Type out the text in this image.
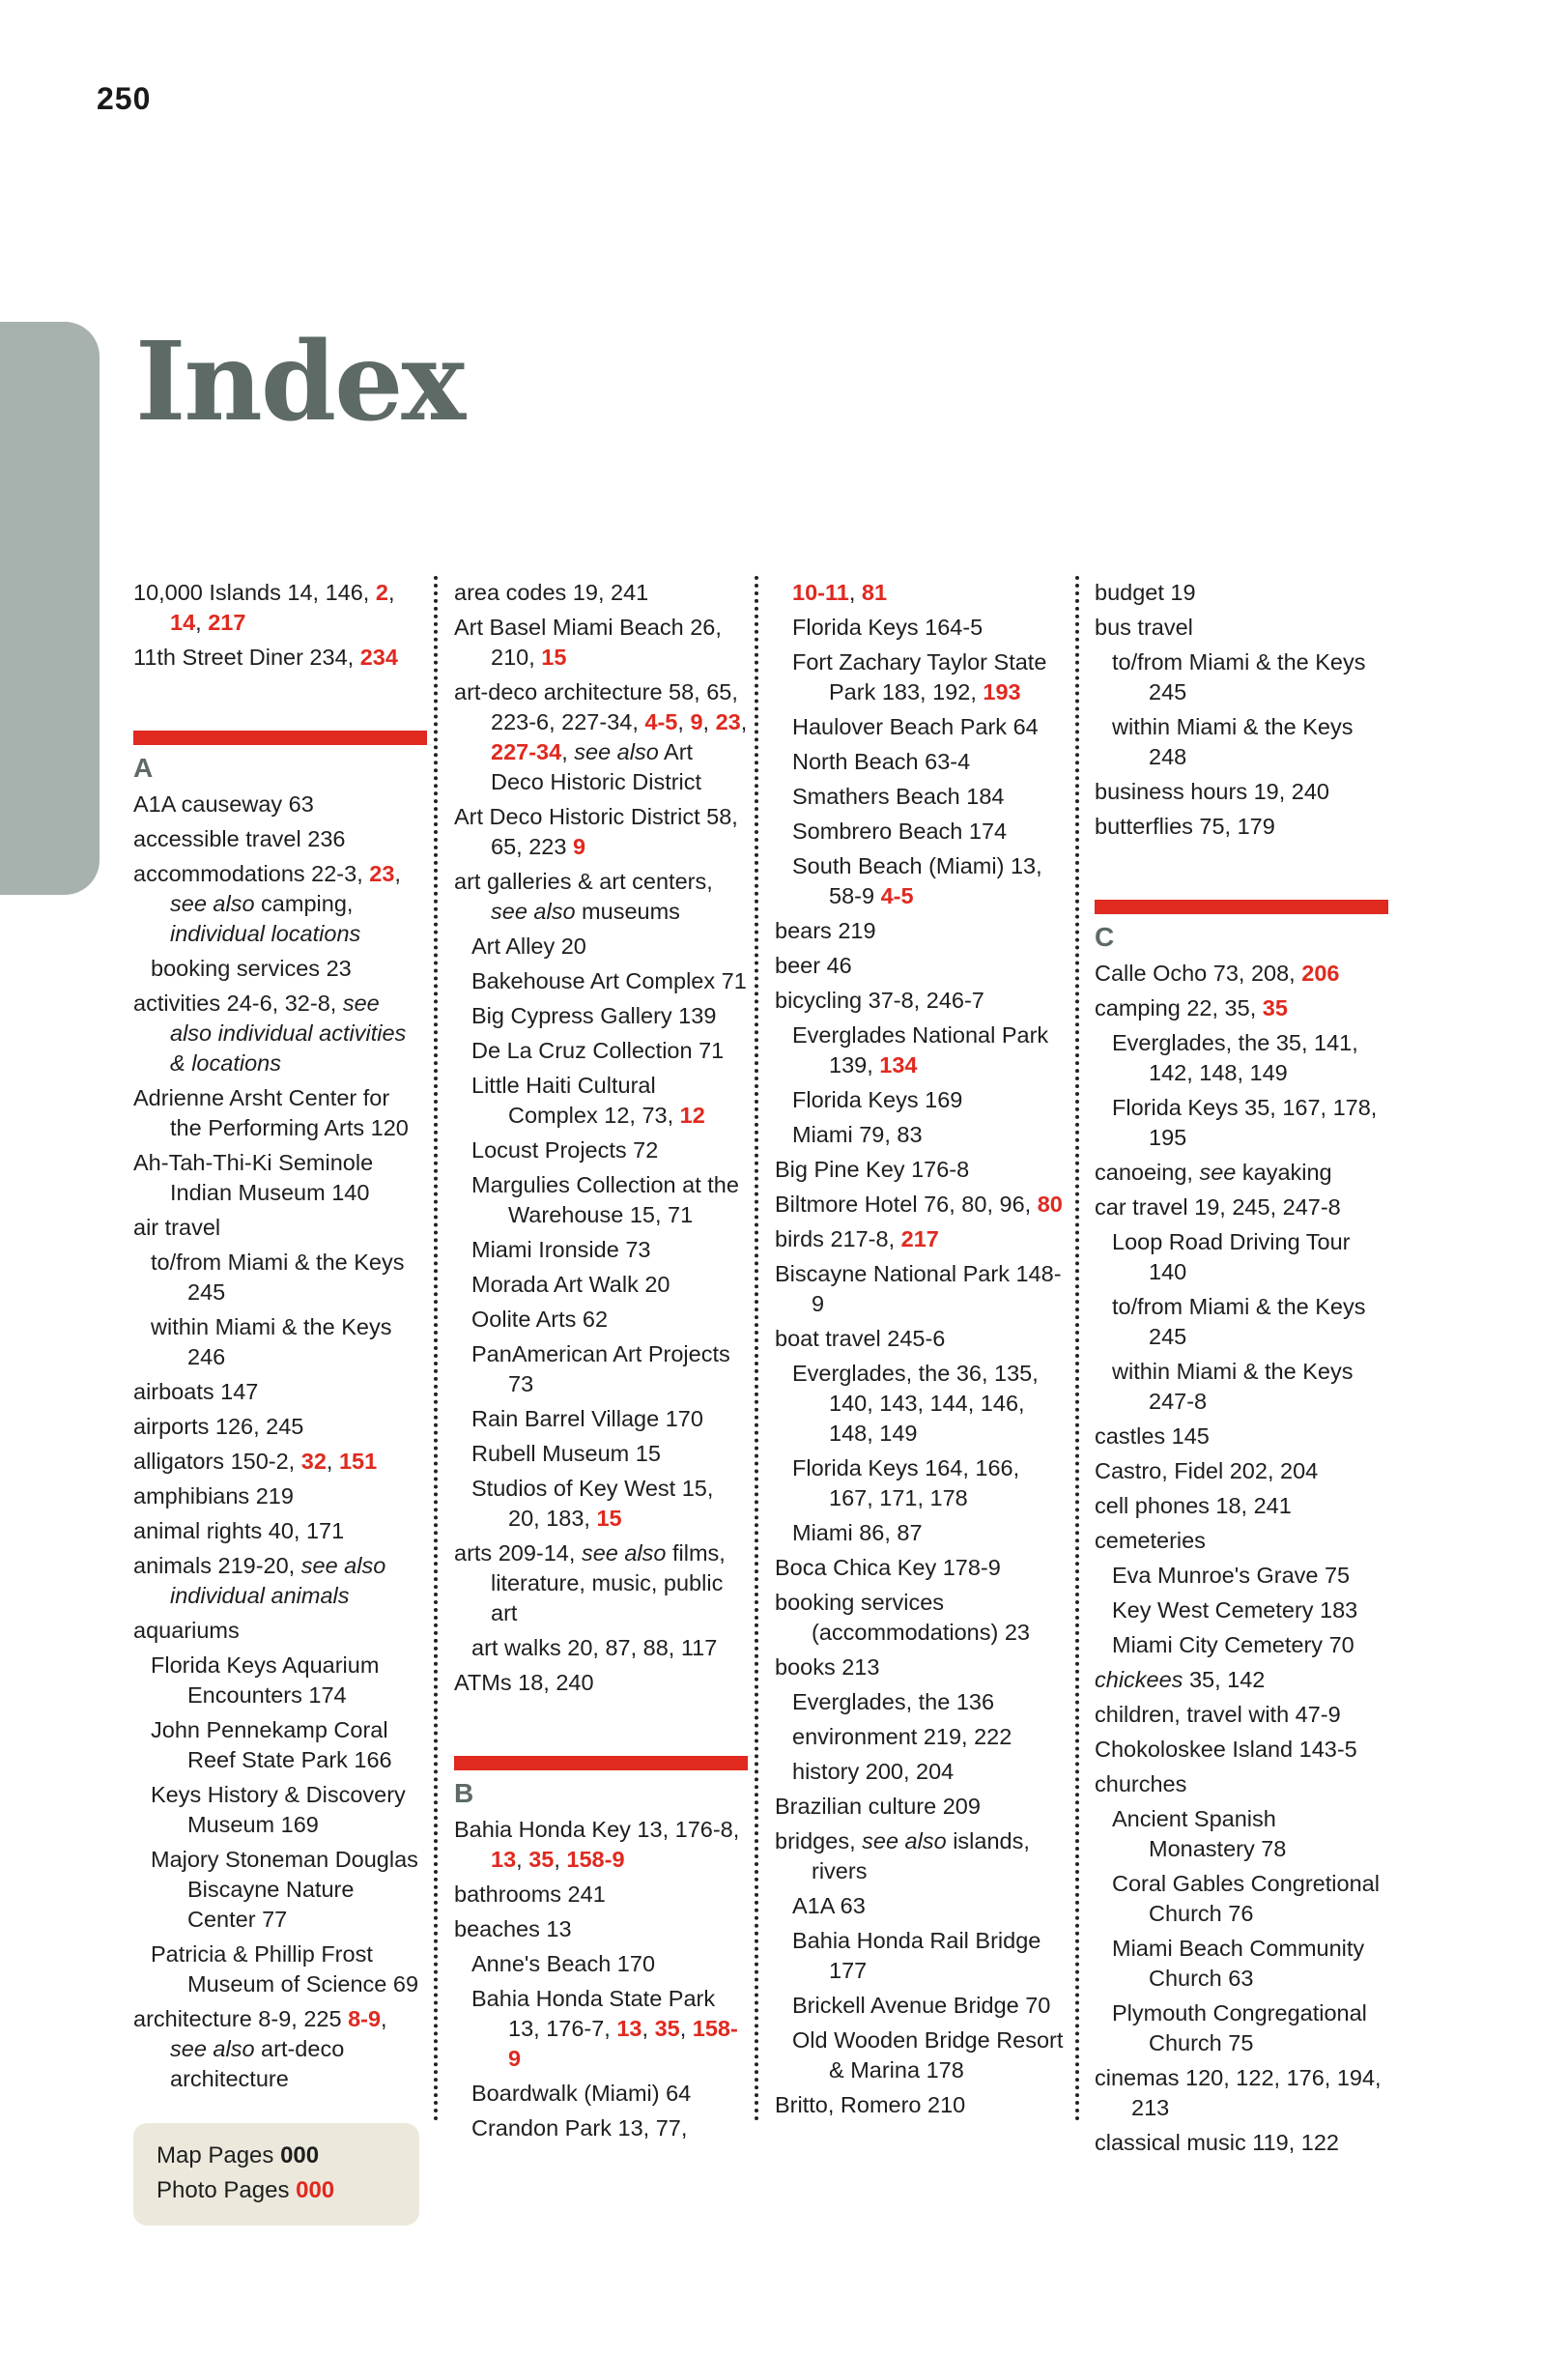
250
Index

10,000 Islands 14, 146, 2, 14, 217

11th Street Diner 234, 234

A

A1A causeway 63

accessible travel 236

accommodations 22-3, 23, see also camping, individual locations

booking services 23

activities 24-6, 32-8, see also individual activities & locations

Adrienne Arsht Center for the Performing Arts 120

Ah-Tah-Thi-Ki Seminole Indian Museum 140

air travel

to/from Miami & the Keys 245

within Miami & the Keys 246

airboats 147

airports 126, 245

alligators 150-2, 32, 151

amphibians 219

animal rights 40, 171

animals 219-20, see also individual animals

aquariums

Florida Keys Aquarium Encounters 174

John Pennekamp Coral Reef State Park 166

Keys History & Discovery Museum 169

Majory Stoneman Douglas Biscayne Nature Center 77

Patricia & Phillip Frost Museum of Science 69

architecture 8-9, 225 8-9, see also art-deco architecture

area codes 19, 241

Art Basel Miami Beach 26, 210, 15

art-deco architecture 58, 65, 223-6, 227-34, 4-5, 9, 23, 227-34, see also Art Deco Historic District

Art Deco Historic District 58, 65, 223 9

art galleries & art centers, see also museums

Art Alley 20

Bakehouse Art Complex 71

Big Cypress Gallery 139

De La Cruz Collection 71

Little Haiti Cultural Complex 12, 73, 12

Locust Projects 72

Margulies Collection at the Warehouse 15, 71

Miami Ironside 73

Morada Art Walk 20

Oolite Arts 62

PanAmerican Art Projects 73

Rain Barrel Village 170

Rubell Museum 15

Studios of Key West 15, 20, 183, 15

arts 209-14, see also films, literature, music, public art

art walks 20, 87, 88, 117

ATMs 18, 240

B

Bahia Honda Key 13, 176-8, 13, 35, 158-9

bathrooms 241

beaches 13

Anne's Beach 170

Bahia Honda State Park 13, 176-7, 13, 35, 158-9

Boardwalk (Miami) 64

Crandon Park 13, 77,

10-11, 81

Florida Keys 164-5

Fort Zachary Taylor State Park 183, 192, 193

Haulover Beach Park 64

North Beach 63-4

Smathers Beach 184

Sombrero Beach 174

South Beach (Miami) 13, 58-9 4-5

bears 219

beer 46

bicycling 37-8, 246-7

Everglades National Park 139, 134

Florida Keys 169

Miami 79, 83

Big Pine Key 176-8

Biltmore Hotel 76, 80, 96, 80

birds 217-8, 217

Biscayne National Park 148-9

boat travel 245-6

Everglades, the 36, 135, 140, 143, 144, 146, 148, 149

Florida Keys 164, 166, 167, 171, 178

Miami 86, 87

Boca Chica Key 178-9

booking services (accommodations) 23

books 213

Everglades, the 136

environment 219, 222

history 200, 204

Brazilian culture 209

bridges, see also islands, rivers

A1A 63

Bahia Honda Rail Bridge 177

Brickell Avenue Bridge 70

Old Wooden Bridge Resort & Marina 178

Britto, Romero 210

budget 19

bus travel

to/from Miami & the Keys 245

within Miami & the Keys 248

business hours 19, 240

butterflies 75, 179

C

Calle Ocho 73, 208, 206

camping 22, 35, 35

Everglades, the 35, 141, 142, 148, 149

Florida Keys 35, 167, 178, 195

canoeing, see kayaking

car travel 19, 245, 247-8

Loop Road Driving Tour 140

to/from Miami & the Keys 245

within Miami & the Keys 247-8

castles 145

Castro, Fidel 202, 204

cell phones 18, 241

cemeteries

Eva Munroe's Grave 75

Key West Cemetery 183

Miami City Cemetery 70

chickees 35, 142

children, travel with 47-9

Chokoloskee Island 143-5

churches

Ancient Spanish Monastery 78

Coral Gables Congretional Church 76

Miami Beach Community Church 63

Plymouth Congregational Church 75

cinemas 120, 122, 176, 194, 213

classical music 119, 122

Map Pages 000

Photo Pages 000
